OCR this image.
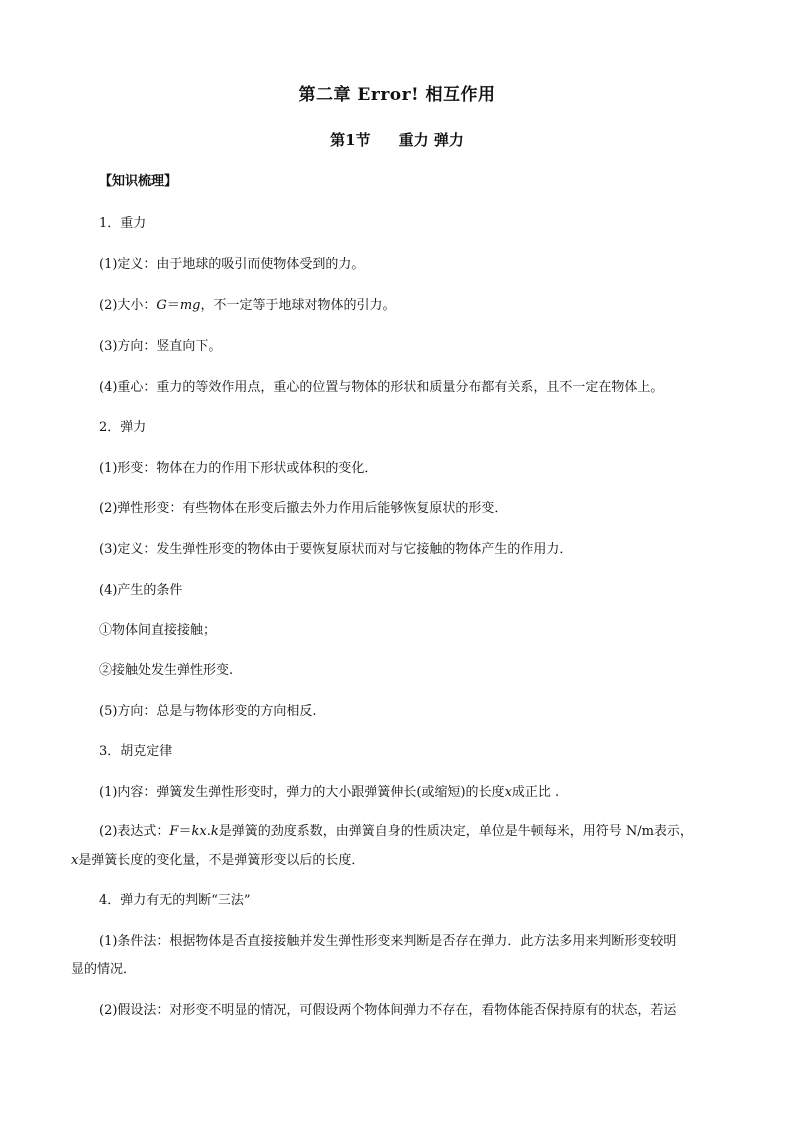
第二章 Error! 相互作用
第1节 重力 弹力
【知识梳理】
1．重力
(1)定义：由于地球的吸引而使物体受到的力。
(2)大小：G＝mg，不一定等于地球对物体的引力。
(3)方向：竖直向下。
(4)重心：重力的等效作用点，重心的位置与物体的形状和质量分布都有关系，且不一定在物体上。
2．弹力
(1)形变：物体在力的作用下形状或体积的变化．
(2)弹性形变：有些物体在形变后撤去外力作用后能够恢复原状的形变．
(3)定义：发生弹性形变的物体由于要恢复原状而对与它接触的物体产生的作用力．
(4)产生的条件
①物体间直接接触；
②接触处发生弹性形变.
(5)方向：总是与物体形变的方向相反.
3．胡克定律
(1)内容：弹簧发生弹性形变时，弹力的大小跟弹簧伸长(或缩短)的长度x成正比 .
(2)表达式：F＝kx.k是弹簧的劲度系数，由弹簧自身的性质决定，单位是牛顿每米，用符号 N/m表示，
x是弹簧长度的变化量，不是弹簧形变以后的长度．
4．弹力有无的判断“三法”
(1)条件法：根据物体是否直接接触并发生弹性形变来判断是否存在弹力．此方法多用来判断形变较明
显的情况．
(2)假设法：对形变不明显的情况，可假设两个物体间弹力不存在，看物体能否保持原有的状态，若运
